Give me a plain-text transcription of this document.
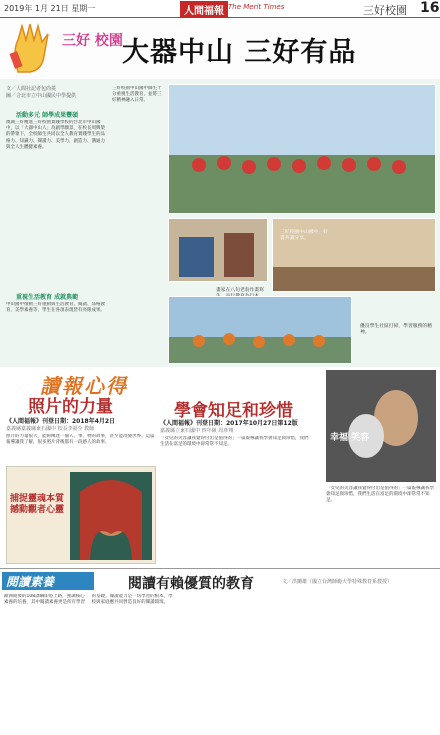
2019年 1月 21日 星期一	人間福報 The Merit Times	三好校園 16
三好 校園 大器中山 三好有品
文／人間社記者包尚菱
圖／合北市立中山國民中學提供
活動多元 師學成果豐碩
澳湖三好精進三好校園實踐學校的台北市中山國中，以「大器中山人」為創學願景，在校長周興榮的帶領下，全校師生共同以全人教育實踐學生的品格力、知識力、閱讀力、美學力，創造力、溝通力與全人生體健素養。
重視生活教育 成就典範
中山國中推動三好運動與生活教育、閱讀、品格教育、美學素養等，學生在各項表現皆有亮眼成果。
三好校園中山國中師生十分重視生活教育，並將三好精神融入日常。
畫家在八旬老翁作畫寫
三好校園中山國中，好書共讀分享。
優良學生社區打掃，學習服務的精神。
讀報心得
照片的力量
《人間福報》刊登日期：2018年4月2日
嘉義縣嘉義縣東石國中 校長李福全 教師
照片的力量很大，能夠傳達一個人、事、物的故事，甚至能改變世界。這篇報導讓我了解，很多照片背後都有一段感人的故事。
捕捉靈魂本質 撼動觀者心靈
學會知足和珍惜
《人間福報》刊登日期：2017年10月27日第12版
嘉義縣立東石國中 四年級 周彥翔
「女兒的笑容讓我覺得付出是值得的」一篇報導讓我學會知足與珍惜，我們生活在富足的環境中卻常常不知足。
幸福 笑容
「女兒的笑容讓我覺得付出是值得的」一篇報導讓我學會知足與珍惜，我們生活在富足的環境中卻常常不知足。
閱讀素養	閱讀有賴優質的教育	文／洪蘭雄（國立台灣師範大學特殊教育系教授）
歐洲開發的108課綱即將上路，強調核心素養的培養，其中閱讀素養更是所有學習的基礎。閱讀能力是一切學習的根本，學校與家庭應共同營造良好的閱讀環境。
